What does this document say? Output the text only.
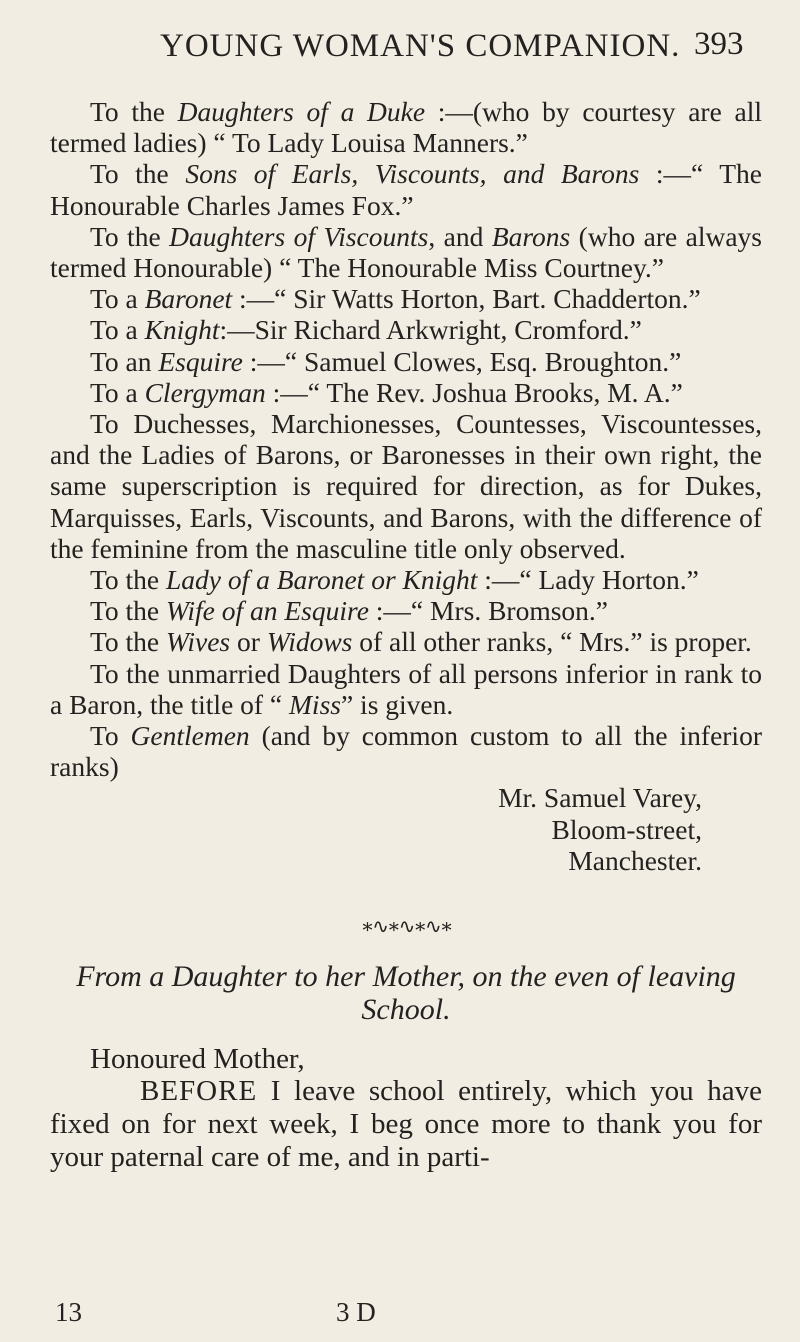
YOUNG WOMAN'S COMPANION. 393

To the Daughters of a Duke :—(who by courtesy are all termed ladies) “ To Lady Louisa Manners.”

To the Sons of Earls, Viscounts, and Barons :—“ The Honourable Charles James Fox.”

To the Daughters of Viscounts, and Barons (who are always termed Honourable) “ The Honourable Miss Courtney.”

To a Baronet :—“ Sir Watts Horton, Bart. Chadderton.”

To a Knight:—Sir Richard Arkwright, Cromford.”

To an Esquire :—“ Samuel Clowes, Esq. Broughton.”

To a Clergyman :—“ The Rev. Joshua Brooks, M. A.”

To Duchesses, Marchionesses, Countesses, Viscountesses, and the Ladies of Barons, or Baronesses in their own right, the same superscription is required for direction, as for Dukes, Marquisses, Earls, Viscounts, and Barons, with the difference of the feminine from the masculine title only observed.

To the Lady of a Baronet or Knight :—“ Lady Horton.”

To the Wife of an Esquire :—“ Mrs. Bromson.”

To the Wives or Widows of all other ranks, “ Mrs.” is proper.

To the unmarried Daughters of all persons inferior in rank to a Baron, the title of “ Miss” is given.

To Gentlemen (and by common custom to all the inferior ranks)
Mr. Samuel Varey,
Bloom-street,
Manchester.
∗∿∗∿∗∿∗

From a Daughter to her Mother, on the even of leaving School.

Honoured Mother,

BEFORE I leave school entirely, which you have fixed on for next week, I beg once more to thank you for your paternal care of me, and in parti-

13	3 D
